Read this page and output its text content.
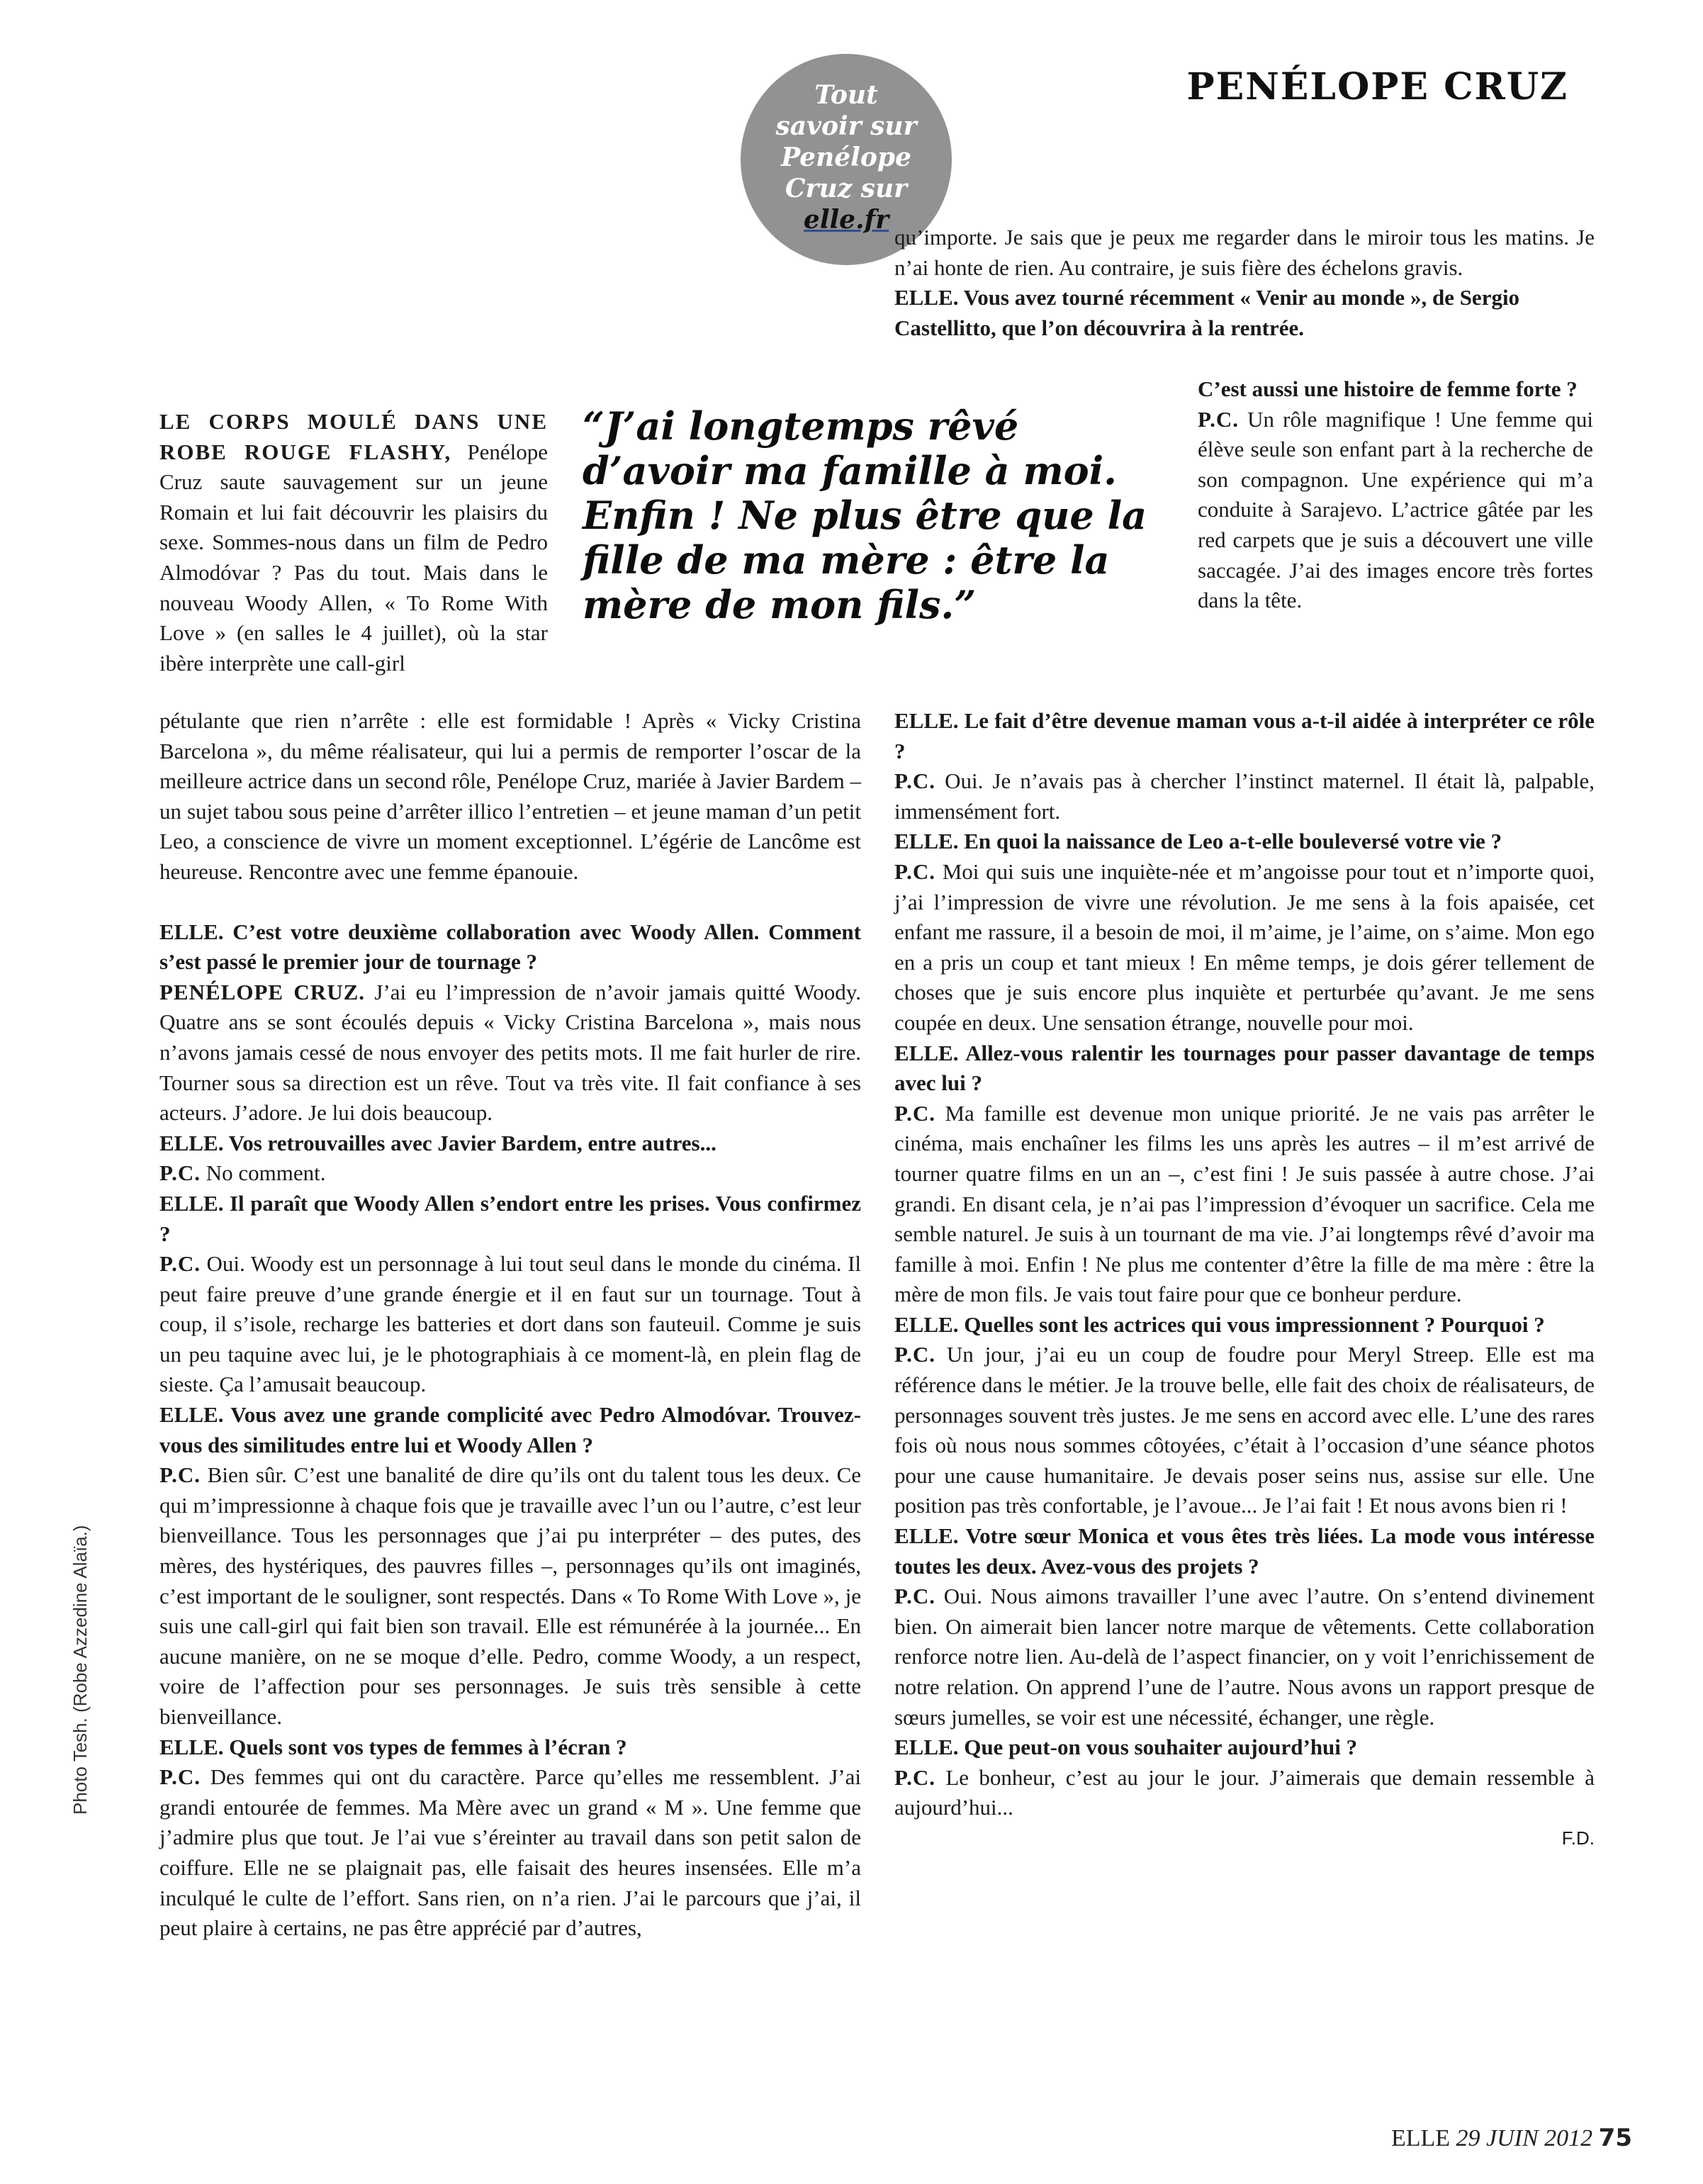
PENÉLOPE CRUZ
Tout
savoir sur
Penélope
Cruz sur
elle.fr

LE CORPS MOULÉ DANS UNE ROBE ROUGE FLASHY, Penélope Cruz saute sauvagement sur un jeune Romain et lui fait découvrir les plaisirs du sexe. Sommes-nous dans un film de Pedro Almodóvar ? Pas du tout. Mais dans le nouveau Woody Allen, « To Rome With Love » (en salles le 4 juillet), où la star ibère interprète une call-girl

“J’ai longtemps rêvé d’avoir ma famille à moi. Enfin ! Ne plus être que la fille de ma mère : être la mère de mon fils.”

pétulante que rien n’arrête : elle est formidable ! Après « Vicky Cristina Barcelona », du même réalisateur, qui lui a permis de remporter l’oscar de la meilleure actrice dans un second rôle, Penélope Cruz, mariée à Javier Bardem – un sujet tabou sous peine d’arrêter illico l’entretien – et jeune maman d’un petit Leo, a conscience de vivre un moment exceptionnel. L’égérie de Lancôme est heureuse. Rencontre avec une femme épanouie.

ELLE. C’est votre deuxième collaboration avec Woody Allen. Comment s’est passé le premier jour de tournage ?

PENÉLOPE CRUZ. J’ai eu l’impression de n’avoir jamais quitté Woody. Quatre ans se sont écoulés depuis « Vicky Cristina Barcelona », mais nous n’avons jamais cessé de nous envoyer des petits mots. Il me fait hurler de rire. Tourner sous sa direction est un rêve. Tout va très vite. Il fait confiance à ses acteurs. J’adore. Je lui dois beaucoup.

ELLE. Vos retrouvailles avec Javier Bardem, entre autres...

P.C. No comment.

ELLE. Il paraît que Woody Allen s’endort entre les prises. Vous confirmez ?

P.C. Oui. Woody est un personnage à lui tout seul dans le monde du cinéma. Il peut faire preuve d’une grande énergie et il en faut sur un tournage. Tout à coup, il s’isole, recharge les batteries et dort dans son fauteuil. Comme je suis un peu taquine avec lui, je le photographiais à ce moment-là, en plein flag de sieste. Ça l’amusait beaucoup.

ELLE. Vous avez une grande complicité avec Pedro Almodóvar. Trouvez-vous des similitudes entre lui et Woody Allen ?

P.C. Bien sûr. C’est une banalité de dire qu’ils ont du talent tous les deux. Ce qui m’impressionne à chaque fois que je travaille avec l’un ou l’autre, c’est leur bienveillance. Tous les personnages que j’ai pu interpréter – des putes, des mères, des hystériques, des pauvres filles –, personnages qu’ils ont imaginés, c’est important de le souligner, sont respectés. Dans « To Rome With Love », je suis une call-girl qui fait bien son travail. Elle est rémunérée à la journée... En aucune manière, on ne se moque d’elle. Pedro, comme Woody, a un respect, voire de l’affection pour ses personnages. Je suis très sensible à cette bienveillance.

ELLE. Quels sont vos types de femmes à l’écran ?

P.C. Des femmes qui ont du caractère. Parce qu’elles me ressemblent. J’ai grandi entourée de femmes. Ma Mère avec un grand « M ». Une femme que j’admire plus que tout. Je l’ai vue s’éreinter au travail dans son petit salon de coiffure. Elle ne se plaignait pas, elle faisait des heures insensées. Elle m’a inculqué le culte de l’effort. Sans rien, on n’a rien. J’ai le parcours que j’ai, il peut plaire à certains, ne pas être apprécié par d’autres,

qu’importe. Je sais que je peux me regarder dans le miroir tous les matins. Je n’ai honte de rien. Au contraire, je suis fière des échelons gravis.

ELLE. Vous avez tourné récemment « Venir au monde », de Sergio Castellitto, que l’on découvrira à la rentrée.

C’est aussi une histoire de femme forte ?

P.C. Un rôle magnifique ! Une femme qui élève seule son enfant part à la recherche de son compagnon. Une expérience qui m’a conduite à Sarajevo. L’actrice gâtée par les red carpets que je suis a découvert une ville saccagée. J’ai des images encore très fortes dans la tête.

ELLE. Le fait d’être devenue maman vous a-t-il aidée à interpréter ce rôle ?

P.C. Oui. Je n’avais pas à chercher l’instinct maternel. Il était là, palpable, immensément fort.

ELLE. En quoi la naissance de Leo a-t-elle bouleversé votre vie ?

P.C. Moi qui suis une inquiète-née et m’angoisse pour tout et n’importe quoi, j’ai l’impression de vivre une révolution. Je me sens à la fois apaisée, cet enfant me rassure, il a besoin de moi, il m’aime, je l’aime, on s’aime. Mon ego en a pris un coup et tant mieux ! En même temps, je dois gérer tellement de choses que je suis encore plus inquiète et perturbée qu’avant. Je me sens coupée en deux. Une sensation étrange, nouvelle pour moi.

ELLE. Allez-vous ralentir les tournages pour passer davantage de temps avec lui ?

P.C. Ma famille est devenue mon unique priorité. Je ne vais pas arrêter le cinéma, mais enchaîner les films les uns après les autres – il m’est arrivé de tourner quatre films en un an –, c’est fini ! Je suis passée à autre chose. J’ai grandi. En disant cela, je n’ai pas l’impression d’évoquer un sacrifice. Cela me semble naturel. Je suis à un tournant de ma vie. J’ai longtemps rêvé d’avoir ma famille à moi. Enfin ! Ne plus me contenter d’être la fille de ma mère : être la mère de mon fils. Je vais tout faire pour que ce bonheur perdure.

ELLE. Quelles sont les actrices qui vous impressionnent ? Pourquoi ?

P.C. Un jour, j’ai eu un coup de foudre pour Meryl Streep. Elle est ma référence dans le métier. Je la trouve belle, elle fait des choix de réalisateurs, de personnages souvent très justes. Je me sens en accord avec elle. L’une des rares fois où nous nous sommes côtoyées, c’était à l’occasion d’une séance photos pour une cause humanitaire. Je devais poser seins nus, assise sur elle. Une position pas très confortable, je l’avoue... Je l’ai fait ! Et nous avons bien ri !

ELLE. Votre sœur Monica et vous êtes très liées. La mode vous intéresse toutes les deux. Avez-vous des projets ?

P.C. Oui. Nous aimons travailler l’une avec l’autre. On s’entend divinement bien. On aimerait bien lancer notre marque de vêtements. Cette collaboration renforce notre lien. Au-delà de l’aspect financier, on y voit l’enrichissement de notre relation. On apprend l’une de l’autre. Nous avons un rapport presque de sœurs jumelles, se voir est une nécessité, échanger, une règle.

ELLE. Que peut-on vous souhaiter aujourd’hui ?

P.C. Le bonheur, c’est au jour le jour. J’aimerais que demain ressemble à aujourd’hui...

F.D.

Photo Tesh. (Robe Azzedine Alaïa.)
ELLE 29 JUIN 2012 75
